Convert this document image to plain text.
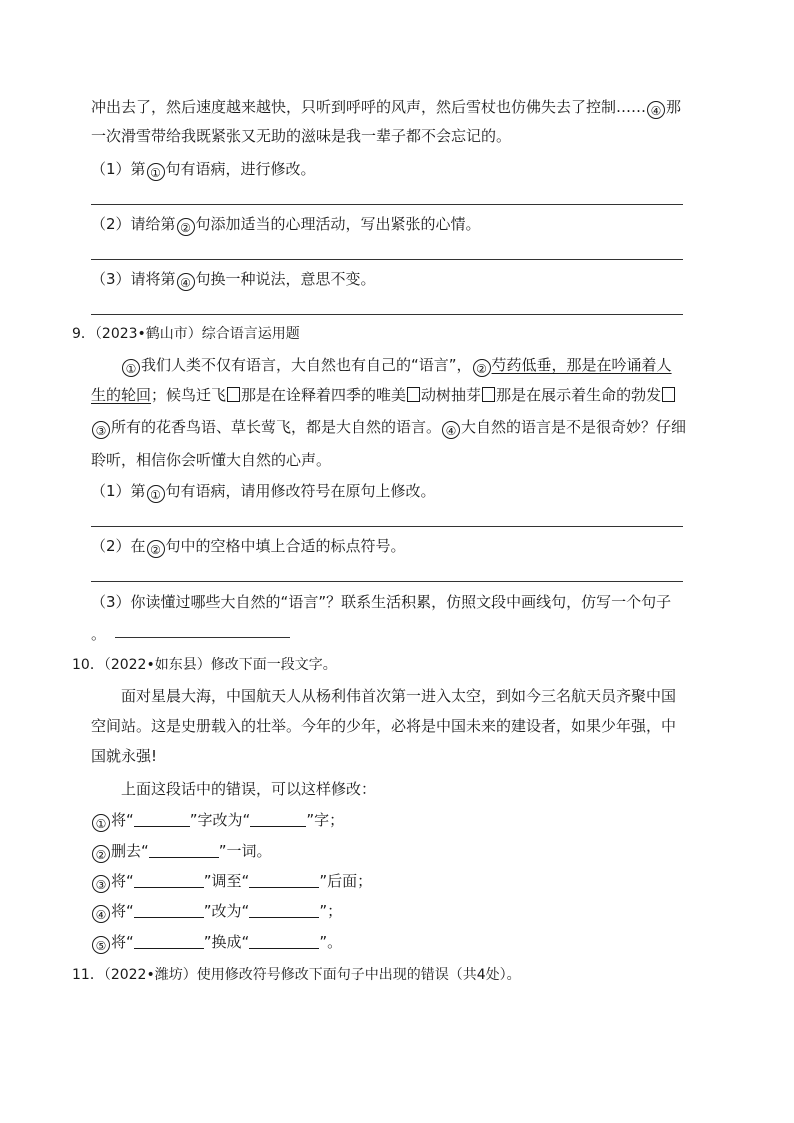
冲出去了，然后速度越来越快，只听到呼呼的风声，然后雪杖也仿佛失去了控制…… ④ 那
一次滑雪带给我既紧张又无助的滋味是我一辈子都不会忘记的。
（1）第 ① 句有语病，进行修改。
（2）请给第 ② 句添加适当的心理活动，写出紧张的心情。
（3）请将第 ④ 句换一种说法，意思不变。
9．（2023•鹤山市）综合语言运用题
① 我们人类不仅有语言，大自然也有自己的“语言”， ② 芍药低垂，那是在吟诵着人
生的轮回；候鸟迁飞 那是在诠释着四季的唯美 动树抽芽 那是在展示着生命的勃发
③ 所有的花香鸟语、草长莺飞，都是大自然的语言。 ④ 大自然的语言是不是很奇妙？仔细
聆听，相信你会听懂大自然的心声。
（1）第 ① 句有语病，请用修改符号在原句上修改。
（2）在 ② 句中的空格中填上合适的标点符号。
（3）你读懂过哪些大自然的“语言”？联系生活积累，仿照文段中画线句，仿写一个句子
。
10．（2022•如东县）修改下面一段文字。
面对星晨大海，中国航天人从杨利伟首次第一进入太空，到如今三名航天员齐聚中国
空间站。这是史册载入的壮举。今年的少年，必将是中国未来的建设者，如果少年强，中
国就永强!
上面这段话中的错误，可以这样修改：
① 将“	”字改为“	”字；
② 删去“	”一词。
③ 将“	”调至“	”后面；
④ 将“	”改为“	”；
⑤ 将“	”换成“	”。
11．（2022•潍坊）使用修改符号修改下面句子中出现的错误（共4处）。
